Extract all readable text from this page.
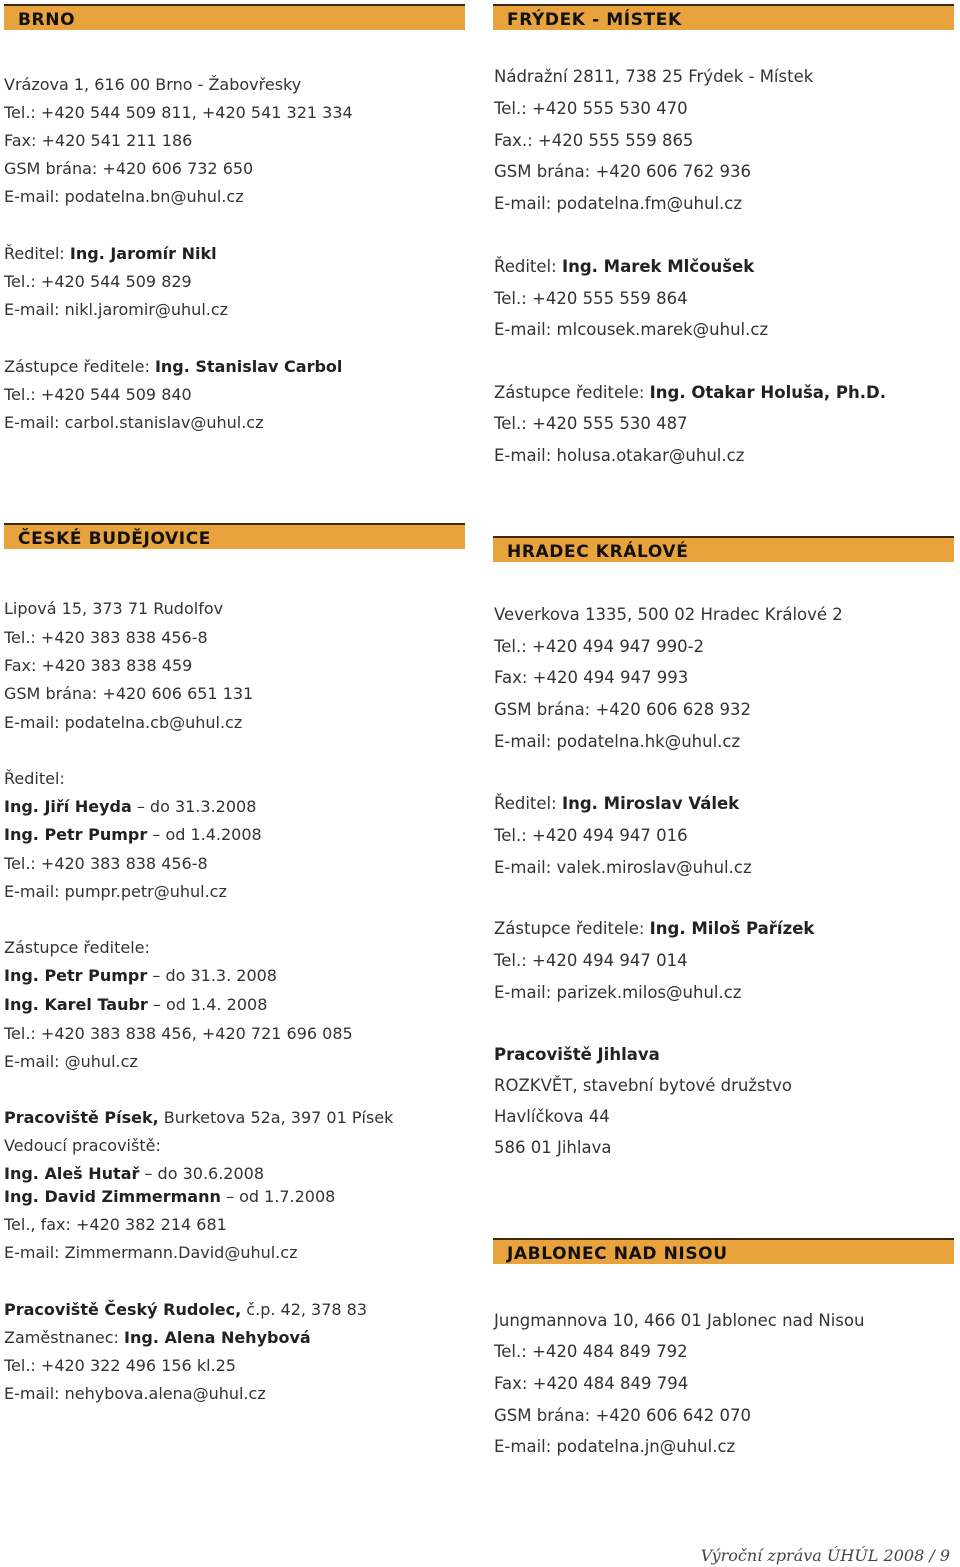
BRNO
Vrázova 1, 616 00 Brno - Žabovřesky
Tel.: +420 544 509 811, +420 541 321 334
Fax: +420 541 211 186
GSM brána: +420 606 732 650
E-mail: podatelna.bn@uhul.cz
Ředitel: Ing. Jaromír Nikl
Tel.: +420 544 509 829
E-mail: nikl.jaromir@uhul.cz
Zástupce ředitele: Ing. Stanislav Carbol
Tel.: +420 544 509 840
E-mail: carbol.stanislav@uhul.cz
FRÝDEK - MÍSTEK
Nádražní 2811, 738 25 Frýdek - Místek
Tel.: +420 555 530 470
Fax.: +420 555 559 865
GSM brána: +420 606 762 936
E-mail: podatelna.fm@uhul.cz
Ředitel: Ing. Marek Mlčoušek
Tel.: +420 555 559 864
E-mail: mlcousek.marek@uhul.cz
Zástupce ředitele: Ing. Otakar Holuša, Ph.D.
Tel.: +420 555 530 487
E-mail: holusa.otakar@uhul.cz
ČESKÉ BUDĚJOVICE
Lipová 15, 373 71 Rudolfov
Tel.: +420 383 838 456-8
Fax: +420 383 838 459
GSM brána: +420 606 651 131
E-mail: podatelna.cb@uhul.cz
Ředitel:
Ing. Jiří Heyda – do 31.3.2008
Ing. Petr Pumpr – od 1.4.2008
Tel.: +420 383 838 456-8
E-mail: pumpr.petr@uhul.cz
Zástupce ředitele:
Ing. Petr Pumpr – do 31.3. 2008
Ing. Karel Taubr – od 1.4. 2008
Tel.: +420 383 838 456, +420 721 696 085
E-mail: @uhul.cz
Pracoviště Písek, Burketova 52a, 397 01 Písek
Vedoucí pracoviště:
Ing. Aleš Hutař – do 30.6.2008
Ing. David Zimmermann – od 1.7.2008
Tel., fax: +420 382 214 681
E-mail: Zimmermann.David@uhul.cz
Pracoviště Český Rudolec, č.p. 42, 378 83
Zaměstnanec: Ing. Alena Nehybová
Tel.: +420 322 496 156 kl.25
E-mail: nehybova.alena@uhul.cz
HRADEC KRÁLOVÉ
Veverkova 1335, 500 02 Hradec Králové 2
Tel.: +420 494 947 990-2
Fax: +420 494 947 993
GSM brána: +420 606 628 932
E-mail: podatelna.hk@uhul.cz
Ředitel: Ing. Miroslav Válek
Tel.: +420 494 947 016
E-mail: valek.miroslav@uhul.cz
Zástupce ředitele: Ing. Miloš Pařízek
Tel.: +420 494 947 014
E-mail: parizek.milos@uhul.cz
Pracoviště Jihlava
ROZKVĚT, stavební bytové družstvo
Havlíčkova 44
586 01 Jihlava
JABLONEC NAD NISOU
Jungmannova 10, 466 01 Jablonec nad Nisou
Tel.: +420 484 849 792
Fax: +420 484 849 794
GSM brána: +420 606 642 070
E-mail: podatelna.jn@uhul.cz
Výroční zpráva ÚHÚL 2008 / 9
